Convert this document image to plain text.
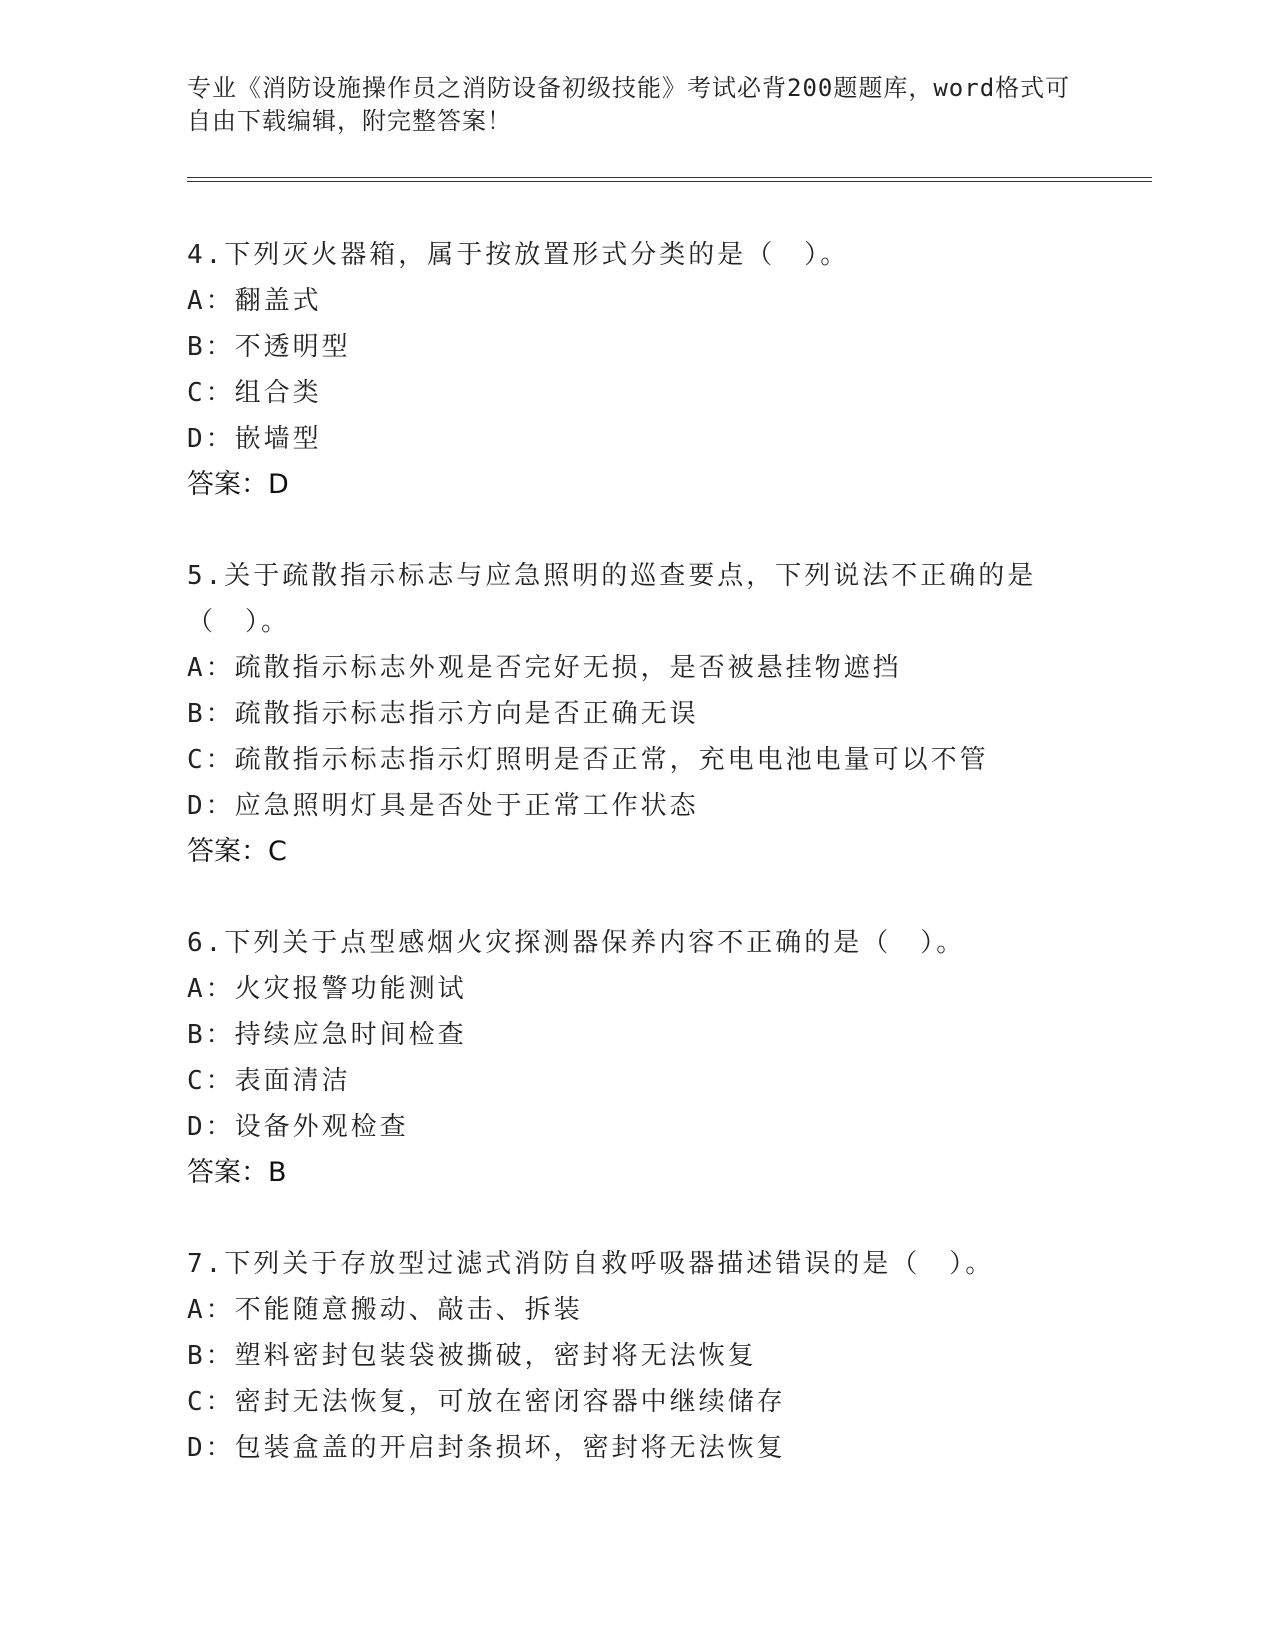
专业《消防设施操作员之消防设备初级技能》考试必背200题题库，word格式可
自由下载编辑，附完整答案！
4.下列灭火器箱，属于按放置形式分类的是（　）。
A：翻盖式
B：不透明型
C：组合类
D：嵌墙型
答案：D
5.关于疏散指示标志与应急照明的巡查要点，下列说法不正确的是（　）。
A：疏散指示标志外观是否完好无损，是否被悬挂物遮挡
B：疏散指示标志指示方向是否正确无误
C：疏散指示标志指示灯照明是否正常，充电电池电量可以不管
D：应急照明灯具是否处于正常工作状态
答案：C
6.下列关于点型感烟火灾探测器保养内容不正确的是（　）。
A：火灾报警功能测试
B：持续应急时间检查
C：表面清洁
D：设备外观检查
答案：B
7.下列关于存放型过滤式消防自救呼吸器描述错误的是（　）。
A：不能随意搬动、敲击、拆装
B：塑料密封包装袋被撕破，密封将无法恢复
C：密封无法恢复，可放在密闭容器中继续储存
D：包装盒盖的开启封条损坏，密封将无法恢复
